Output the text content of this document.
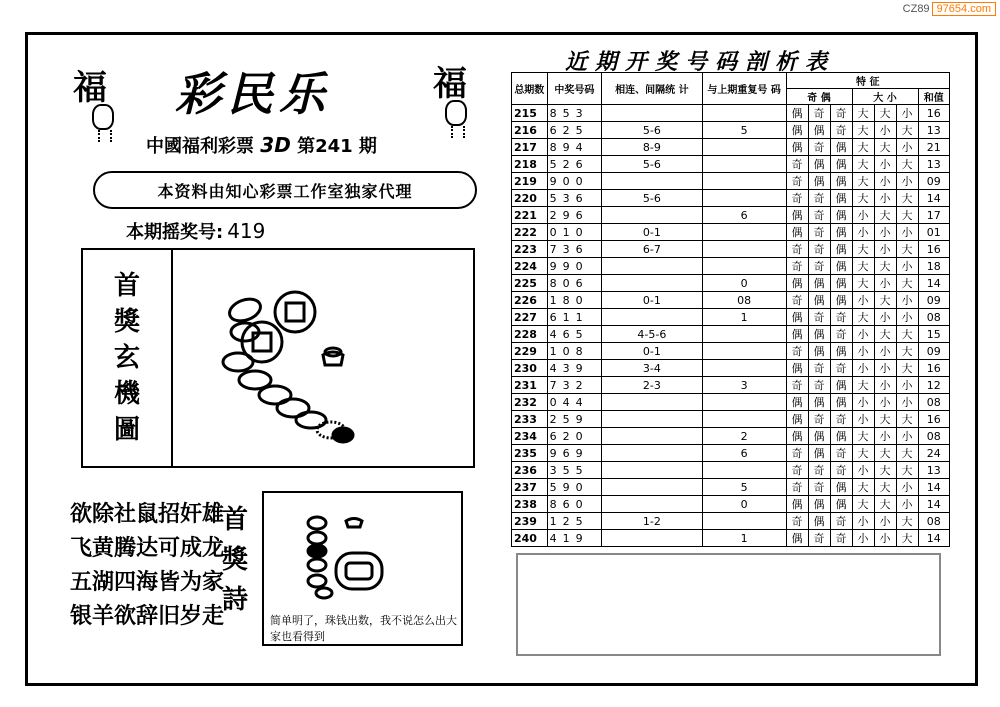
CZ89 97654.com
福	福
彩民乐
中國福利彩票 3D 第241 期
本资料由知心彩票工作室独家代理
本期摇奖号: 419
首
獎
玄
機
圖
欲除社鼠招奸雄
飞黄腾达可成龙
五湖四海皆为家
银羊欲辞旧岁走
首
獎
詩
简单明了，珠钱出数，我不说怎么出大家也看得到
近期开奖号码剖析表
总期数	中奖号码	相连、间隔统 计	与上期重复号 码	特 征						
				奇 偶			大 小			和值
215	853			偶	奇	奇	大	大	小	16
216	625	5-6	5	偶	偶	奇	大	小	大	13
217	894	8-9		偶	奇	偶	大	大	小	21
218	526	5-6		奇	偶	偶	大	小	大	13
219	900			奇	偶	偶	大	小	小	09
220	536	5-6		奇	奇	偶	大	小	大	14
221	296		6	偶	奇	偶	小	大	大	17
222	010	0-1		偶	奇	偶	小	小	小	01
223	736	6-7		奇	奇	偶	大	小	大	16
224	990			奇	奇	偶	大	大	小	18
225	806		0	偶	偶	偶	大	小	大	14
226	180	0-1	08	奇	偶	偶	小	大	小	09
227	611		1	偶	奇	奇	大	小	小	08
228	465	4-5-6		偶	偶	奇	小	大	大	15
229	108	0-1		奇	偶	偶	小	小	大	09
230	439	3-4		偶	奇	奇	小	小	大	16
231	732	2-3	3	奇	奇	偶	大	小	小	12
232	044			偶	偶	偶	小	小	小	08
233	259			偶	奇	奇	小	大	大	16
234	620		2	偶	偶	偶	大	小	小	08
235	969		6	奇	偶	奇	大	大	大	24
236	355			奇	奇	奇	小	大	大	13
237	590		5	奇	奇	偶	大	大	小	14
238	860		0	偶	偶	偶	大	大	小	14
239	125	1-2		奇	偶	奇	小	小	大	08
240	419		1	偶	奇	奇	小	小	大	14
